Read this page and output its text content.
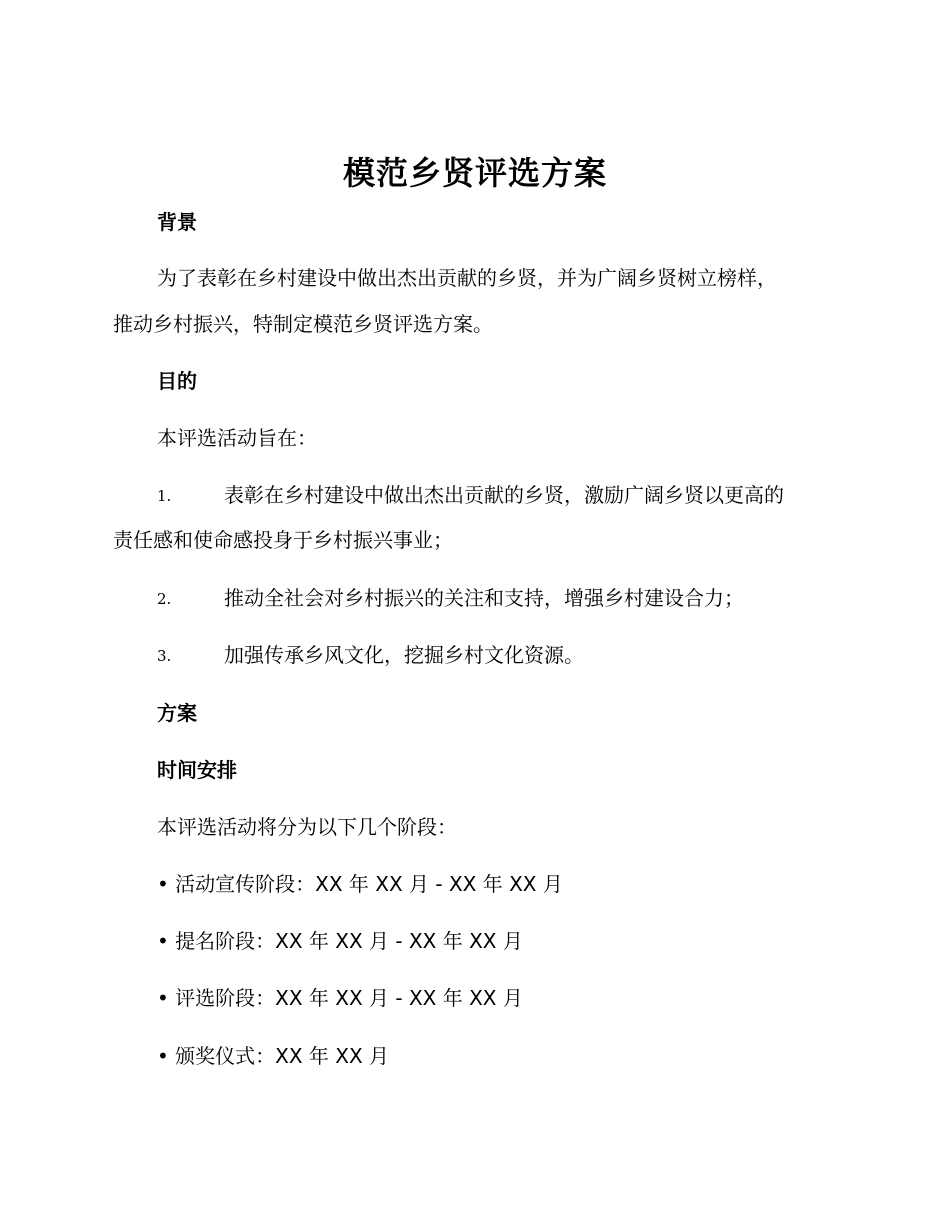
模范乡贤评选方案
背景
为了表彰在乡村建设中做出杰出贡献的乡贤，并为广阔乡贤树立榜样，
推动乡村振兴，特制定模范乡贤评选方案。
目的
本评选活动旨在：
1.	表彰在乡村建设中做出杰出贡献的乡贤，激励广阔乡贤以更高的
责任感和使命感投身于乡村振兴事业；
2.	推动全社会对乡村振兴的关注和支持，增强乡村建设合力；
3.	加强传承乡风文化，挖掘乡村文化资源。
方案
时间安排
本评选活动将分为以下几个阶段：
• 活动宣传阶段：XX 年 XX 月 - XX 年 XX 月
• 提名阶段：XX 年 XX 月 - XX 年 XX 月
• 评选阶段：XX 年 XX 月 - XX 年 XX 月
• 颁奖仪式：XX 年 XX 月
